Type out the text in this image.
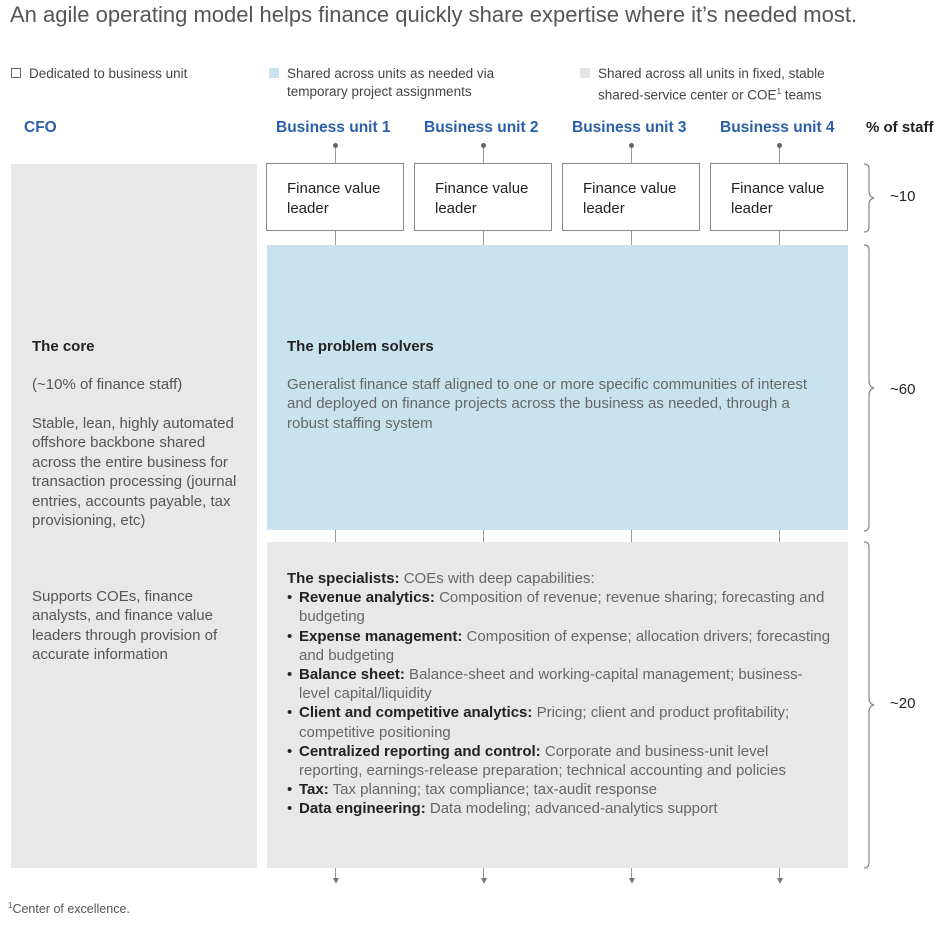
An agile operating model helps finance quickly share expertise where it’s needed most.
Dedicated to business unit	Shared across units as needed via temporary project assignments
Shared across all units in fixed, stable shared-service center or COE$^1$ teams
CFO	Business unit 1 Business unit 2 Business unit 3 Business unit 4 % of staff
The core
(~10% of finance staff)
Stable, lean, highly automated offshore backbone shared across the entire business for transaction processing (journal entries, accounts payable, tax provisioning, etc)
Supports COEs, finance analysts, and finance value leaders through provision of accurate information
Finance value leader
Finance value leader
Finance value leader
Finance value leader
The problem solvers
Generalist finance staff aligned to one or more specific communities of interest and deployed on finance projects across the business as needed, through a robust staffing system
The specialists: COEs with deep capabilities:
• Revenue analytics: Composition of revenue; revenue sharing; forecasting and budgeting
• Expense management: Composition of expense; allocation drivers; forecasting and budgeting
• Balance sheet: Balance-sheet and working-capital management; business-level capital/liquidity
• Client and competitive analytics: Pricing; client and product profitability; competitive positioning
• Centralized reporting and control: Corporate and business-unit level reporting, earnings-release preparation; technical accounting and policies
• Tax: Tax planning; tax compliance; tax-audit response
• Data engineering: Data modeling; advanced-analytics support
~10
~60
~20
$^1$Center of excellence.
